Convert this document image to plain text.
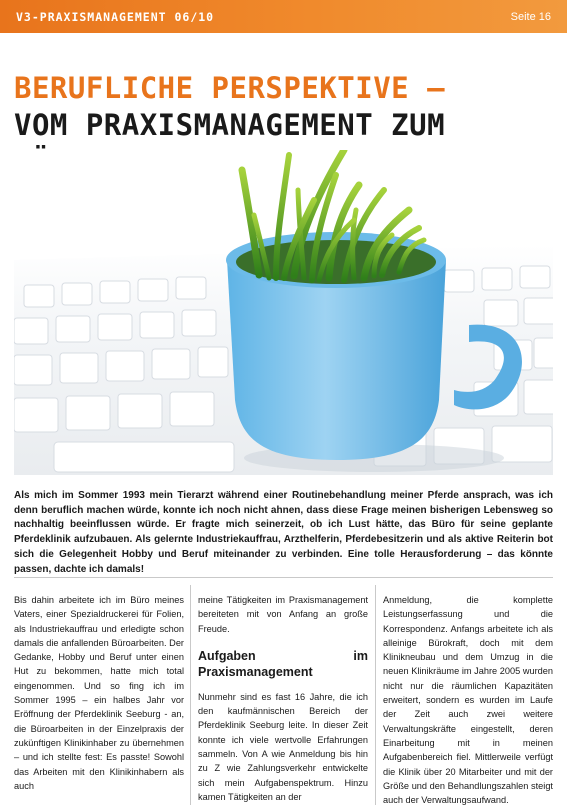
V3-PRAXISMANAGEMENT 06/10	Seite 16
BERUFLICHE PERSPEKTIVE –
VOM PRAXISMANAGEMENT ZUM

Als mich im Sommer 1993 mein Tierarzt während einer Routinebehandlung meiner Pferde ansprach, was ich denn beruflich machen würde, konnte ich noch nicht ahnen, dass diese Frage meinen bisherigen Lebensweg so nachhaltig beeinflussen würde. Er fragte mich seinerzeit, ob ich Lust hätte, das Büro für seine geplante Pferdeklinik aufzubauen. Als gelernte Industriekauffrau, Arzthelferin, Pferdebesitzerin und als aktive Reiterin bot sich die Gelegenheit Hobby und Beruf miteinander zu verbinden. Eine tolle Herausforderung – das könnte passen, dachte ich damals!

Bis dahin arbeitete ich im Büro meines Vaters, einer Spezialdruckerei für Folien, als Industriekauffrau und erledigte schon damals die anfallenden Büroarbeiten. Der Gedanke, Hobby und Beruf unter einen Hut zu bekommen, hatte mich total eingenommen. Und so fing ich im Sommer 1995 – ein halbes Jahr vor Eröffnung der Pferdeklinik Seeburg - an, die Büroarbeiten in der Einzelpraxis der zukünftigen Klinikinhaber zu übernehmen – und ich stellte fest: Es passte! Sowohl das Arbeiten mit den Klinikinhabern als auch

meine Tätigkeiten im Praxismanagement bereiteten mit von Anfang an große Freude.

Aufgaben im Praxismanagement

Nunmehr sind es fast 16 Jahre, die ich den kaufmännischen Bereich der Pferdeklinik Seeburg leite. In dieser Zeit konnte ich viele wertvolle Erfahrungen sammeln. Von A wie Anmeldung bis hin zu Z wie Zahlungsverkehr entwickelte sich mein Aufgabenspektrum. Hinzu kamen Tätigkeiten an der

Anmeldung, die komplette Leistungserfassung und die Korrespondenz. Anfangs arbeitete ich als alleinige Bürokraft, doch mit dem Klinikneubau und dem Umzug in die neuen Klinikräume im Jahre 2005 wurden nicht nur die räumlichen Kapazitäten erweitert, sondern es wurden im Laufe der Zeit auch zwei weitere Verwaltungskräfte eingestellt, deren Einarbeitung mit in meinen Aufgabenbereich fiel. Mittlerweile verfügt die Klinik über 20 Mitarbeiter und mit der Größe und den Behandlungszahlen steigt auch der Verwaltungsaufwand.
